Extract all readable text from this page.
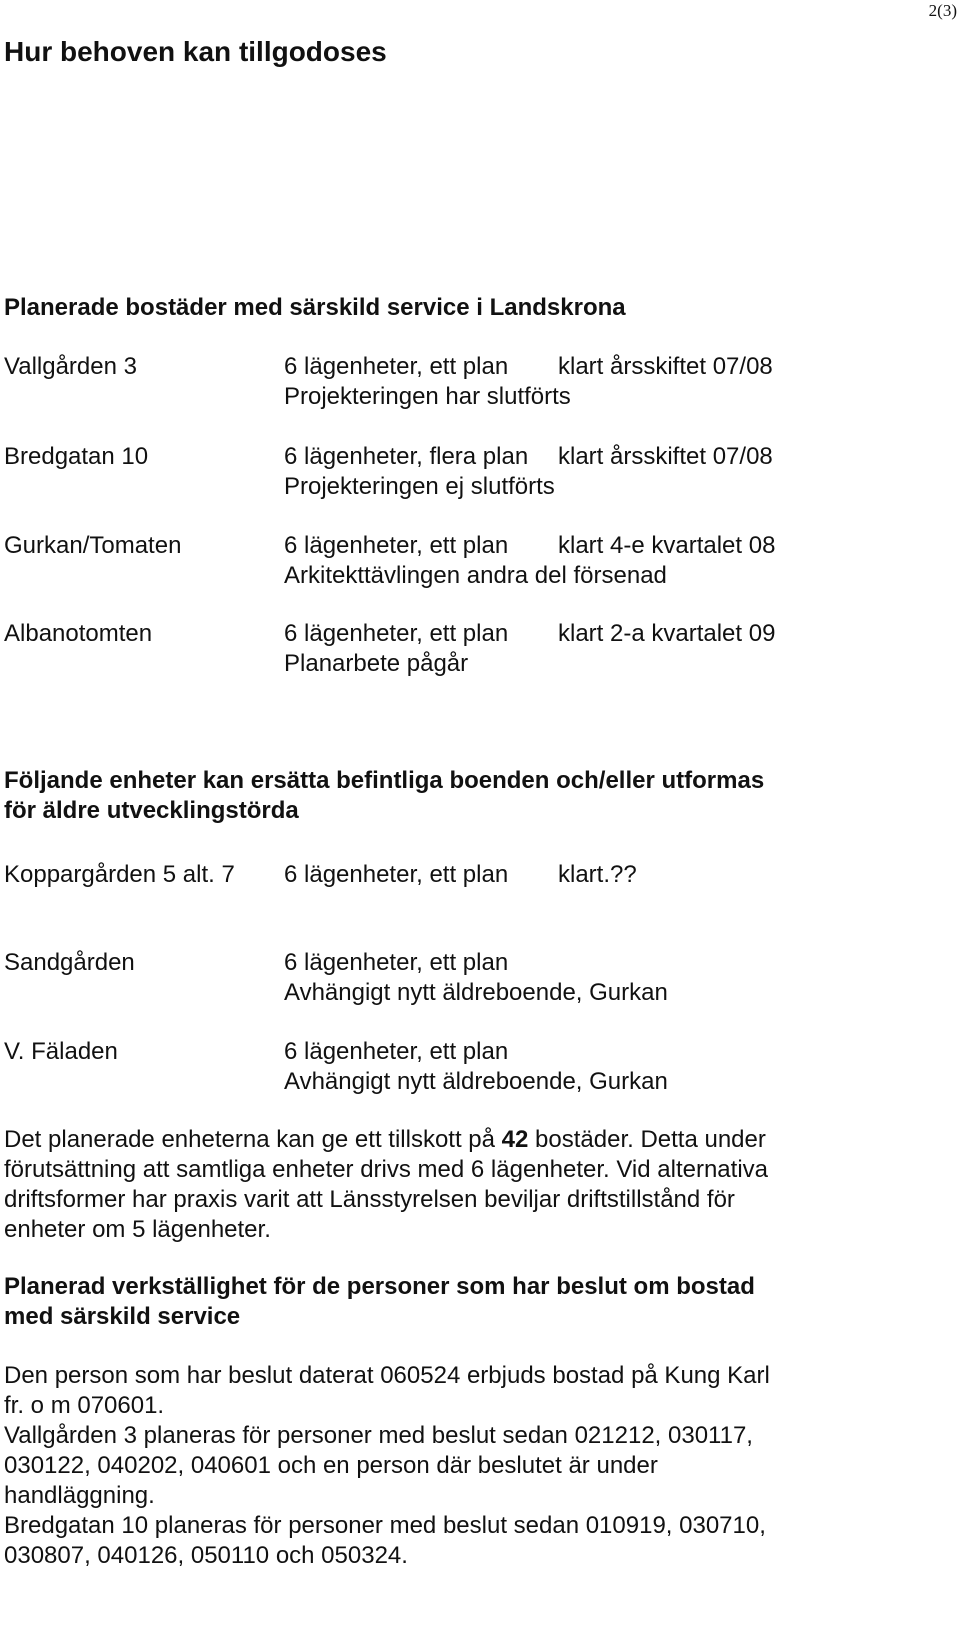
2(3)
Hur behoven kan tillgodoses
Planerade bostäder med särskild service i Landskrona
Vallgården 3	6 lägenheter, ett plan klart årsskiftet 07/08
Projekteringen har slutförts
Bredgatan 10	6 lägenheter, flera plan klart årsskiftet 07/08
Projekteringen ej slutförts
Gurkan/Tomaten	6 lägenheter, ett plan klart 4-e kvartalet 08
Arkitekttävlingen andra del försenad
Albanotomten	6 lägenheter, ett plan klart 2-a kvartalet 09
Planarbete pågår
Följande enheter kan ersätta befintliga boenden och/eller utformas
för äldre utvecklingstörda
Koppargården 5 alt. 7 6 lägenheter, ett plan klart.??
Sandgården	6 lägenheter, ett plan
Avhängigt nytt äldreboende, Gurkan
V. Fäladen	6 lägenheter, ett plan
Avhängigt nytt äldreboende, Gurkan
Det planerade enheterna kan ge ett tillskott på 42 bostäder. Detta under
förutsättning att samtliga enheter drivs med 6 lägenheter. Vid alternativa
driftsformer har praxis varit att Länsstyrelsen beviljar driftstillstånd för
enheter om 5 lägenheter.
Planerad verkställighet för de personer som har beslut om bostad
med särskild service
Den person som har beslut daterat 060524 erbjuds bostad på Kung Karl
fr. o m 070601.
Vallgården 3 planeras för personer med beslut sedan 021212, 030117,
030122, 040202, 040601 och en person där beslutet är under
handläggning.
Bredgatan 10 planeras för personer med beslut sedan 010919, 030710,
030807, 040126, 050110 och 050324.
